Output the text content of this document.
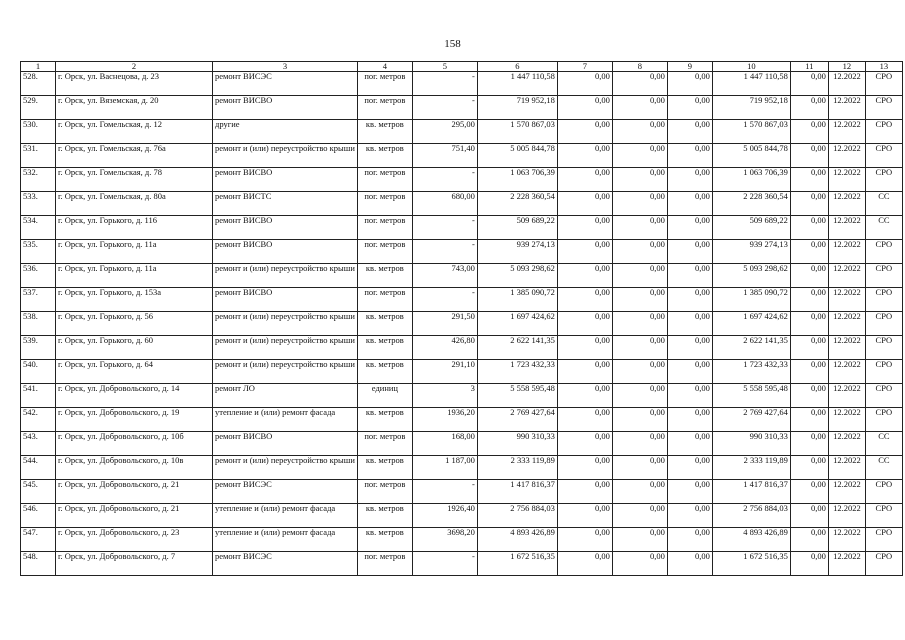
158
1	2	3	4	5	6	7	8	9	10	11	12	13
528.	г. Орск, ул. Васнецова, д. 23	ремонт ВИСЭС	пог. метров	-	1 447 110,58	0,00	0,00	0,00	1 447 110,58	0,00	12.2022	СРО
529.	г. Орск, ул. Вяземская, д. 20	ремонт ВИСВО	пог. метров	-	719 952,18	0,00	0,00	0,00	719 952,18	0,00	12.2022	СРО
530.	г. Орск, ул. Гомельская, д. 12	другие	кв. метров	295,00	1 570 867,03	0,00	0,00	0,00	1 570 867,03	0,00	12.2022	СРО
531.	г. Орск, ул. Гомельская, д. 76а	ремонт и (или) переустройство крыши	кв. метров	751,40	5 005 844,78	0,00	0,00	0,00	5 005 844,78	0,00	12.2022	СРО
532.	г. Орск, ул. Гомельская, д. 78	ремонт ВИСВО	пог. метров	-	1 063 706,39	0,00	0,00	0,00	1 063 706,39	0,00	12.2022	СРО
533.	г. Орск, ул. Гомельская, д. 80а	ремонт ВИСТС	пог. метров	680,00	2 228 360,54	0,00	0,00	0,00	2 228 360,54	0,00	12.2022	СС
534.	г. Орск, ул. Горького, д. 116	ремонт ВИСВО	пог. метров	-	509 689,22	0,00	0,00	0,00	509 689,22	0,00	12.2022	СС
535.	г. Орск, ул. Горького, д. 11а	ремонт ВИСВО	пог. метров	-	939 274,13	0,00	0,00	0,00	939 274,13	0,00	12.2022	СРО
536.	г. Орск, ул. Горького, д. 11а	ремонт и (или) переустройство крыши	кв. метров	743,00	5 093 298,62	0,00	0,00	0,00	5 093 298,62	0,00	12.2022	СРО
537.	г. Орск, ул. Горького, д. 153а	ремонт ВИСВО	пог. метров	-	1 385 090,72	0,00	0,00	0,00	1 385 090,72	0,00	12.2022	СРО
538.	г. Орск, ул. Горького, д. 56	ремонт и (или) переустройство крыши	кв. метров	291,50	1 697 424,62	0,00	0,00	0,00	1 697 424,62	0,00	12.2022	СРО
539.	г. Орск, ул. Горького, д. 60	ремонт и (или) переустройство крыши	кв. метров	426,80	2 622 141,35	0,00	0,00	0,00	2 622 141,35	0,00	12.2022	СРО
540.	г. Орск, ул. Горького, д. 64	ремонт и (или) переустройство крыши	кв. метров	291,10	1 723 432,33	0,00	0,00	0,00	1 723 432,33	0,00	12.2022	СРО
541.	г. Орск, ул. Добровольского, д. 14	ремонт ЛО	единиц	3	5 558 595,48	0,00	0,00	0,00	5 558 595,48	0,00	12.2022	СРО
542.	г. Орск, ул. Добровольского, д. 19	утепление и (или) ремонт фасада	кв. метров	1936,20	2 769 427,64	0,00	0,00	0,00	2 769 427,64	0,00	12.2022	СРО
543.	г. Орск, ул. Добровольского, д. 10б	ремонт ВИСВО	пог. метров	168,00	990 310,33	0,00	0,00	0,00	990 310,33	0,00	12.2022	СС
544.	г. Орск, ул. Добровольского, д. 10в	ремонт и (или) переустройство крыши	кв. метров	1 187,00	2 333 119,89	0,00	0,00	0,00	2 333 119,89	0,00	12.2022	СС
545.	г. Орск, ул. Добровольского, д. 21	ремонт ВИСЭС	пог. метров	-	1 417 816,37	0,00	0,00	0,00	1 417 816,37	0,00	12.2022	СРО
546.	г. Орск, ул. Добровольского, д. 21	утепление и (или) ремонт фасада	кв. метров	1926,40	2 756 884,03	0,00	0,00	0,00	2 756 884,03	0,00	12.2022	СРО
547.	г. Орск, ул. Добровольского, д. 23	утепление и (или) ремонт фасада	кв. метров	3698,20	4 893 426,89	0,00	0,00	0,00	4 893 426,89	0,00	12.2022	СРО
548.	г. Орск, ул. Добровольского, д. 7	ремонт ВИСЭС	пог. метров	-	1 672 516,35	0,00	0,00	0,00	1 672 516,35	0,00	12.2022	СРО
